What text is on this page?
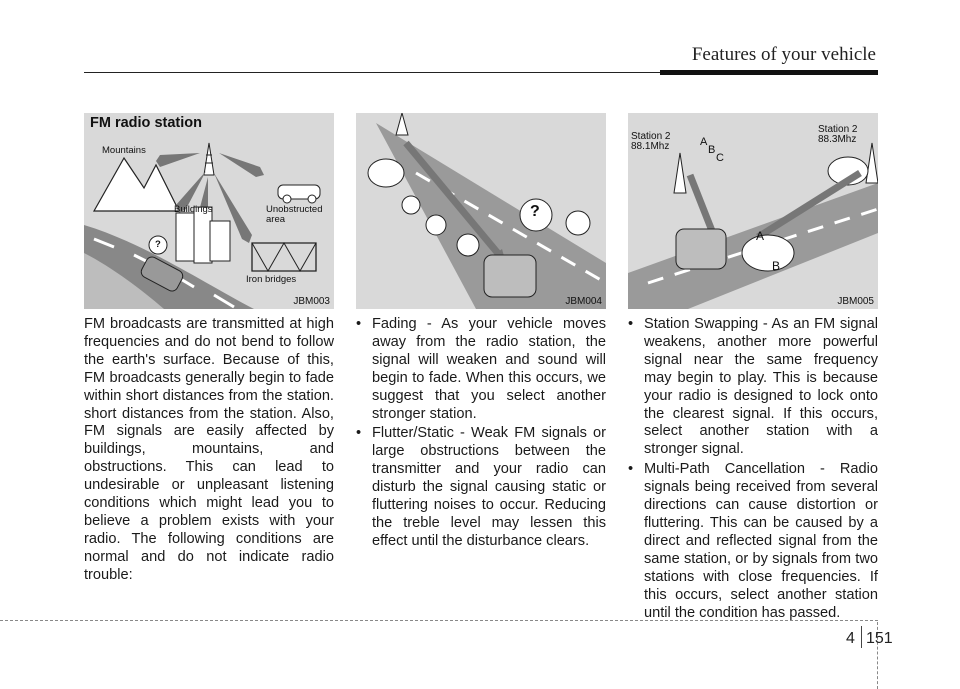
Features of your vehicle
FM radio station
Mountains
Buildings	Unobstructed area
Iron bridges
?
JBM003
?
JBM004
Station 2
88.1Mhz
Station 2
88.3Mhz
A
B
C
A
B
JBM005

FM broadcasts are transmitted at high frequencies and do not bend to follow the earth's surface. Because of this, FM broadcasts generally begin to fade within short distances from the station. short distances from the station. Also, FM signals are easily affected by buildings, mountains, and obstructions. This can lead to undesirable or unpleasant listening conditions which might lead you to believe a problem exists with your radio. The following conditions are normal and do not indicate radio trouble:

• Fading - As your vehicle moves away from the radio station, the signal will weaken and sound will begin to fade. When this occurs, we suggest that you select another stronger station.
• Flutter/Static - Weak FM signals or large obstructions between the transmitter and your radio can disturb the signal causing static or fluttering noises to occur. Reducing the treble level may lessen this effect until the disturbance clears.
• Station Swapping - As an FM signal weakens, another more powerful signal near the same frequency may begin to play. This is because your radio is designed to lock onto the clearest signal. If this occurs, select another station with a stronger signal.
• Multi-Path Cancellation - Radio signals being received from several directions can cause distortion or fluttering. This can be caused by a direct and reflected signal from the same station, or by signals from two stations with close frequencies. If this occurs, select another station until the condition has passed.
4 151
